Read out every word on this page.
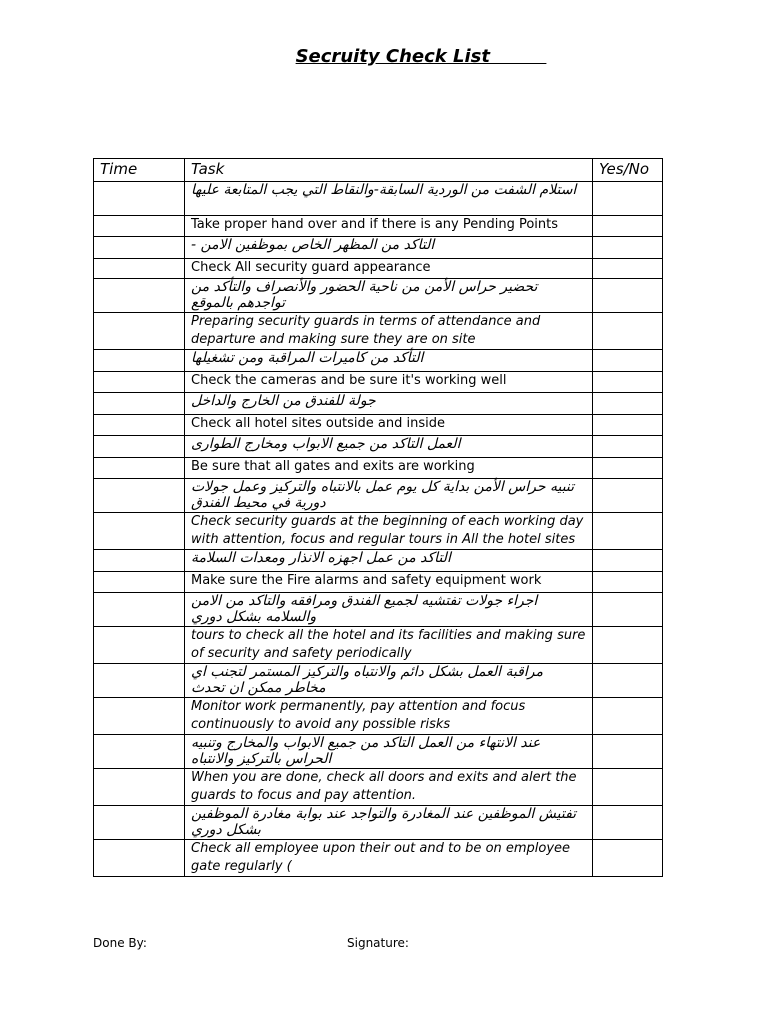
Secruity Check List
Time	Task	Yes/No
	استلام الشفت من الوردية السابقة-والنقاط التي يجب المتابعة عليها	
	Take proper hand over and if there is any Pending Points	
	التاكد من المظهر الخاص بموظفين الامن -	
	Check All security guard appearance	
	تحضير حراس الأمن من ناحية الحضور والأنصراف والتأكد من تواجدهم بالموقع	
	Preparing security guards in terms of attendance and departure and making sure they are on site	
	التأكد من كاميرات المراقبة ومن تشغيلها	
	Check the cameras and be sure it's working well	
	جولة للفندق من الخارج والداخل	
	Check all hotel sites outside and inside	
	العمل التاكد من جميع الابواب ومخارج الطوارى	
	Be sure that all gates and exits are working	
	تنبيه حراس الأمن بداية كل يوم عمل بالانتباه والتركيز وعمل جولات دورية في محيط الفندق	
	Check security guards at the beginning of each working day with attention, focus and regular tours in All the hotel sites	
	التاكد من عمل اجهزه الانذار ومعدات السلامة	
	Make sure the Fire alarms and safety equipment work	
	اجراء جولات تفتشيه لجميع الفندق ومرافقه والتاكد من الامن والسلامه بشكل دوري	
	tours to check all the hotel and its facilities and making sure of security and safety periodically	
	مراقبة العمل بشكل دائم والانتباه والتركيز المستمر لتجنب اي مخاطر ممكن ان تحدث	
	Monitor work permanently, pay attention and focus continuously to avoid any possible risks	
	عند الانتهاء من العمل التاكد من جميع الابواب والمخارج وتنبيه الحراس بالتركيز والانتباه	
	When you are done, check all doors and exits and alert the guards to focus and pay attention.	
	تفتيش الموظفين عند المغادرة والتواجد عند بوابة مغادرة الموظفين بشكل دوري	
	Check all employee upon their out and to be on employee gate regularly (	
Done By:	Signature:
